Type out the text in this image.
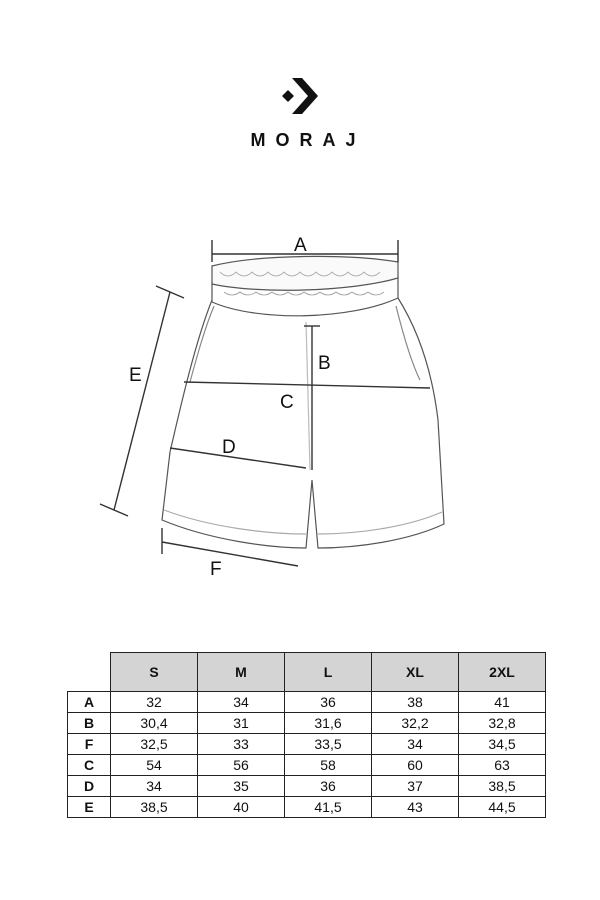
MORAJ
A
B
C
D
E
F
	S	M	L	XL	2XL
A	32	34	36	38	41
B	30,4	31	31,6	32,2	32,8
F	32,5	33	33,5	34	34,5
C	54	56	58	60	63
D	34	35	36	37	38,5
E	38,5	40	41,5	43	44,5
